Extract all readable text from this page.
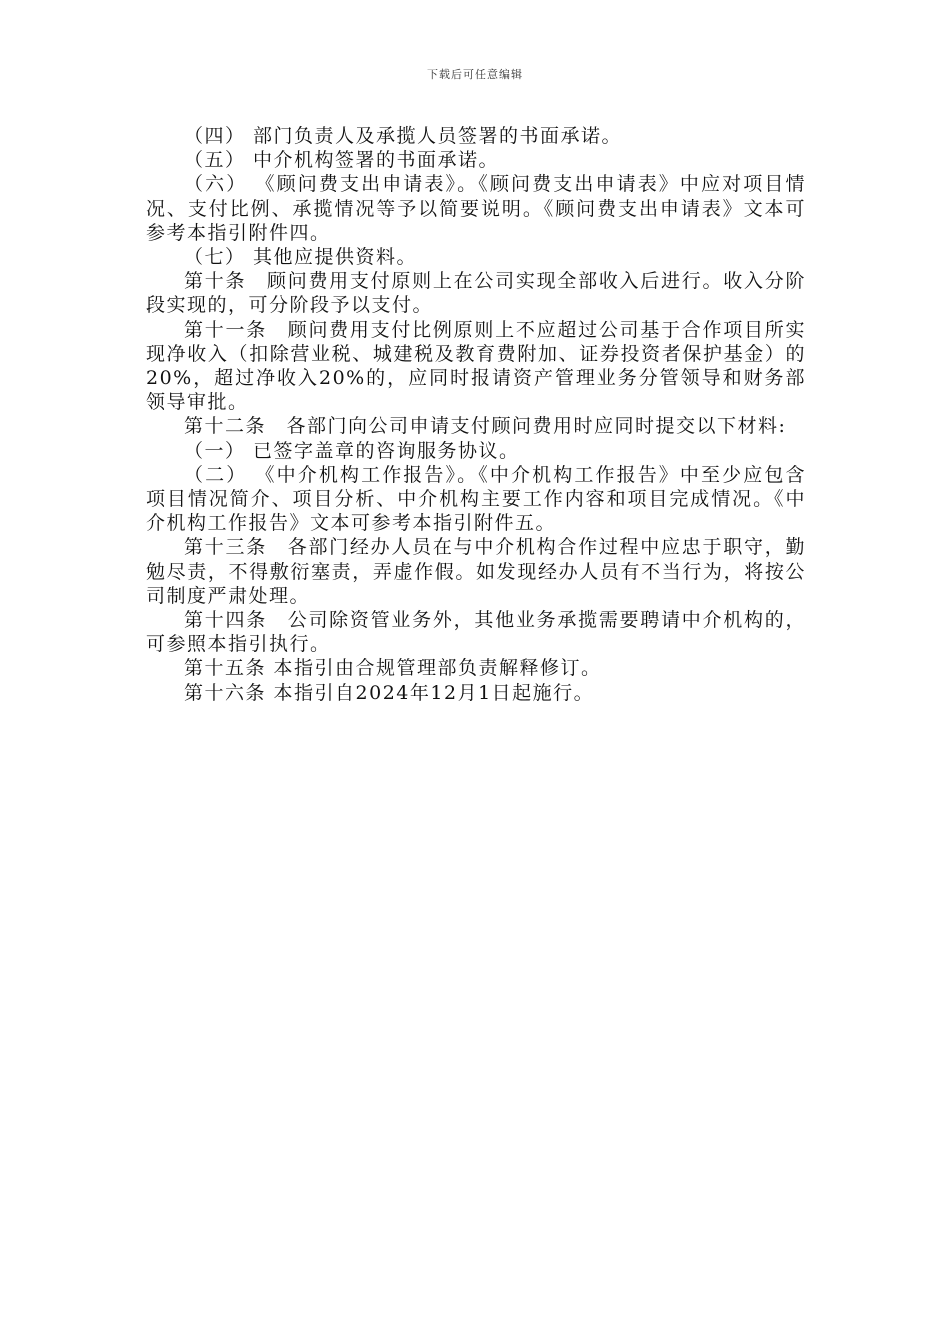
下载后可任意编辑

（四） 部门负责人及承揽人员签署的书面承诺。

（五） 中介机构签署的书面承诺。

（六） 《顾问费支出申请表》。《顾问费支出申请表》中应对项目情况、支付比例、承揽情况等予以简要说明。《顾问费支出申请表》文本可参考本指引附件四。

（七） 其他应提供资料。

第十条　顾问费用支付原则上在公司实现全部收入后进行。收入分阶段实现的，可分阶段予以支付。

第十一条　顾问费用支付比例原则上不应超过公司基于合作项目所实现净收入（扣除营业税、城建税及教育费附加、证券投资者保护基金）的20%，超过净收入20%的，应同时报请资产管理业务分管领导和财务部领导审批。

第十二条　各部门向公司申请支付顾问费用时应同时提交以下材料:

（一） 已签字盖章的咨询服务协议。

（二） 《中介机构工作报告》。《中介机构工作报告》中至少应包含项目情况简介、项目分析、中介机构主要工作内容和项目完成情况。《中介机构工作报告》文本可参考本指引附件五。

第十三条　各部门经办人员在与中介机构合作过程中应忠于职守，勤勉尽责，不得敷衍塞责，弄虚作假。如发现经办人员有不当行为，将按公司制度严肃处理。

第十四条　公司除资管业务外，其他业务承揽需要聘请中介机构的，可参照本指引执行。

第十五条 本指引由合规管理部负责解释修订。

第十六条 本指引自2024年12月1日起施行。
